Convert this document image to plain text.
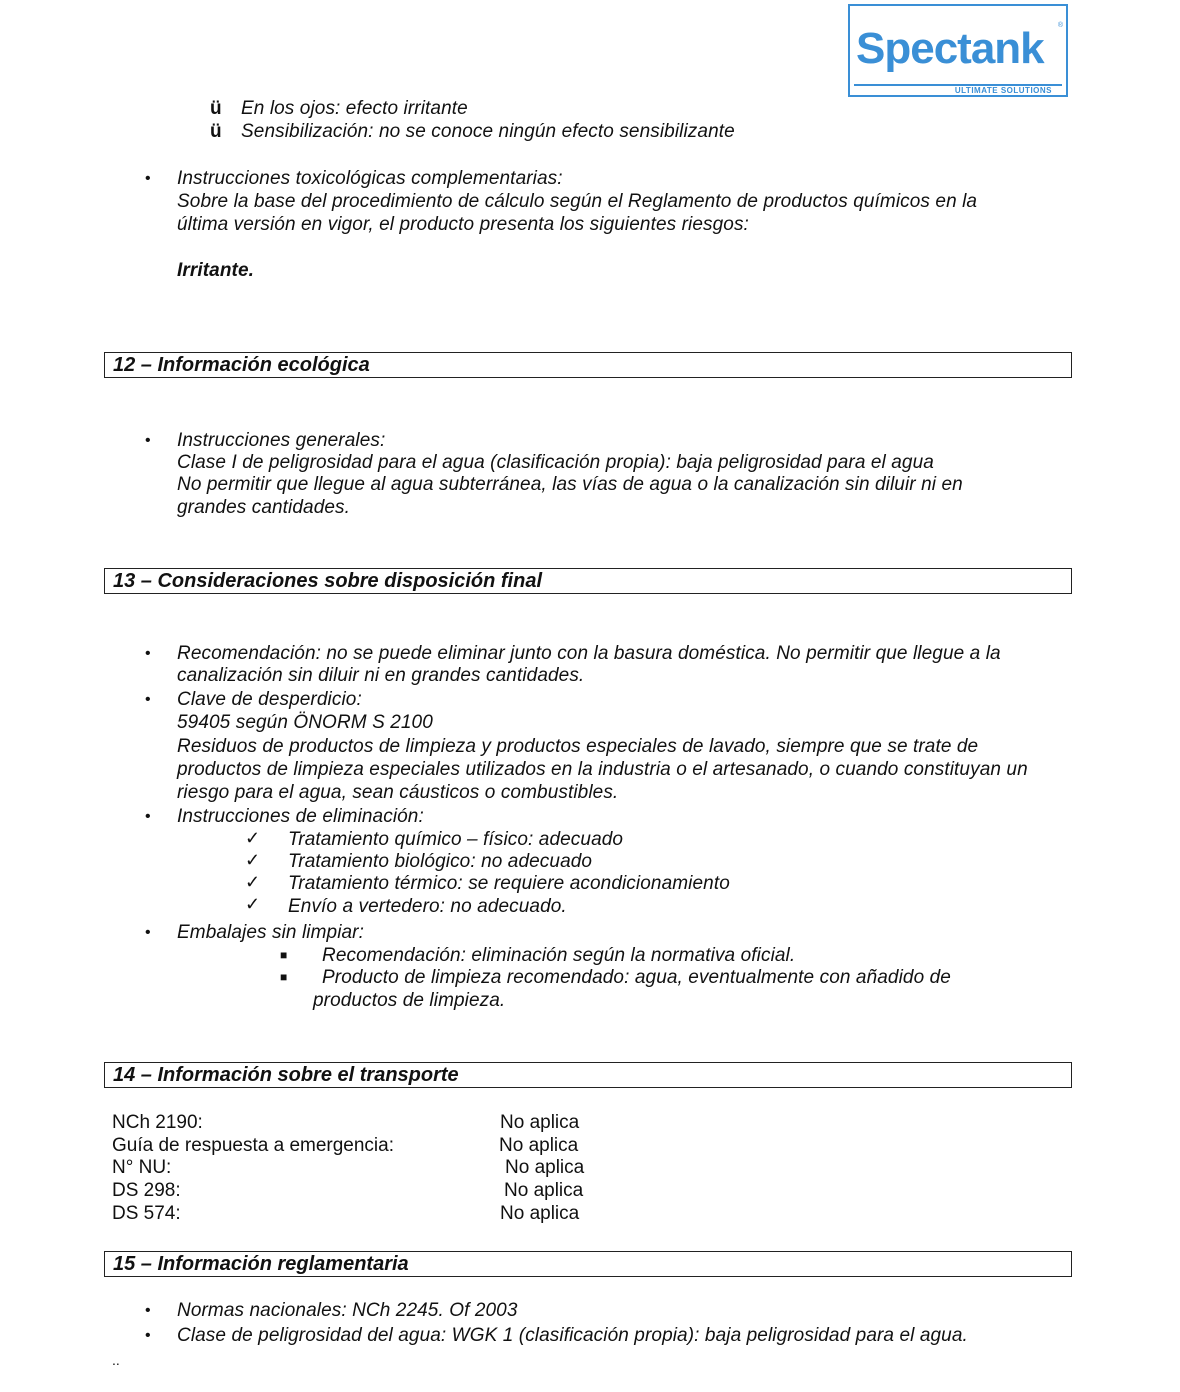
Spectank ®
ULTIMATE SOLUTIONS
ü En los ojos: efecto irritante
ü Sensibilización: no se conoce ningún efecto sensibilizante
• Instrucciones toxicológicas complementarias:
Sobre la base del procedimiento de cálculo según el Reglamento de productos químicos en la
última versión en vigor, el producto presenta los siguientes riesgos:
Irritante.
12 – Información ecológica
• Instrucciones generales:
Clase I de peligrosidad para el agua (clasificación propia): baja peligrosidad para el agua
No permitir que llegue al agua subterránea, las vías de agua o la canalización sin diluir ni en
grandes cantidades.
13 – Consideraciones sobre disposición final
• Recomendación: no se puede eliminar junto con la basura doméstica. No permitir que llegue a la
canalización sin diluir ni en grandes cantidades.
• Clave de desperdicio:
59405 según ÖNORM S 2100
Residuos de productos de limpieza y productos especiales de lavado, siempre que se trate de
productos de limpieza especiales utilizados en la industria o el artesanado, o cuando constituyan un
riesgo para el agua, sean cáusticos o combustibles.
• Instrucciones de eliminación:
✓ Tratamiento químico – físico: adecuado
✓ Tratamiento biológico: no adecuado
✓ Tratamiento térmico: se requiere acondicionamiento
✓ Envío a vertedero: no adecuado.
• Embalajes sin limpiar:
■ Recomendación: eliminación según la normativa oficial.
■ Producto de limpieza recomendado: agua, eventualmente con añadido de
productos de limpieza.
14 – Información sobre el transporte
NCh 2190:	No aplica
Guía de respuesta a emergencia:	No aplica
N° NU:	No aplica
DS 298:	No aplica
DS 574:	No aplica
15 – Información reglamentaria
• Normas nacionales: NCh 2245. Of 2003
• Clase de peligrosidad del agua: WGK 1 (clasificación propia): baja peligrosidad para el agua.
..
